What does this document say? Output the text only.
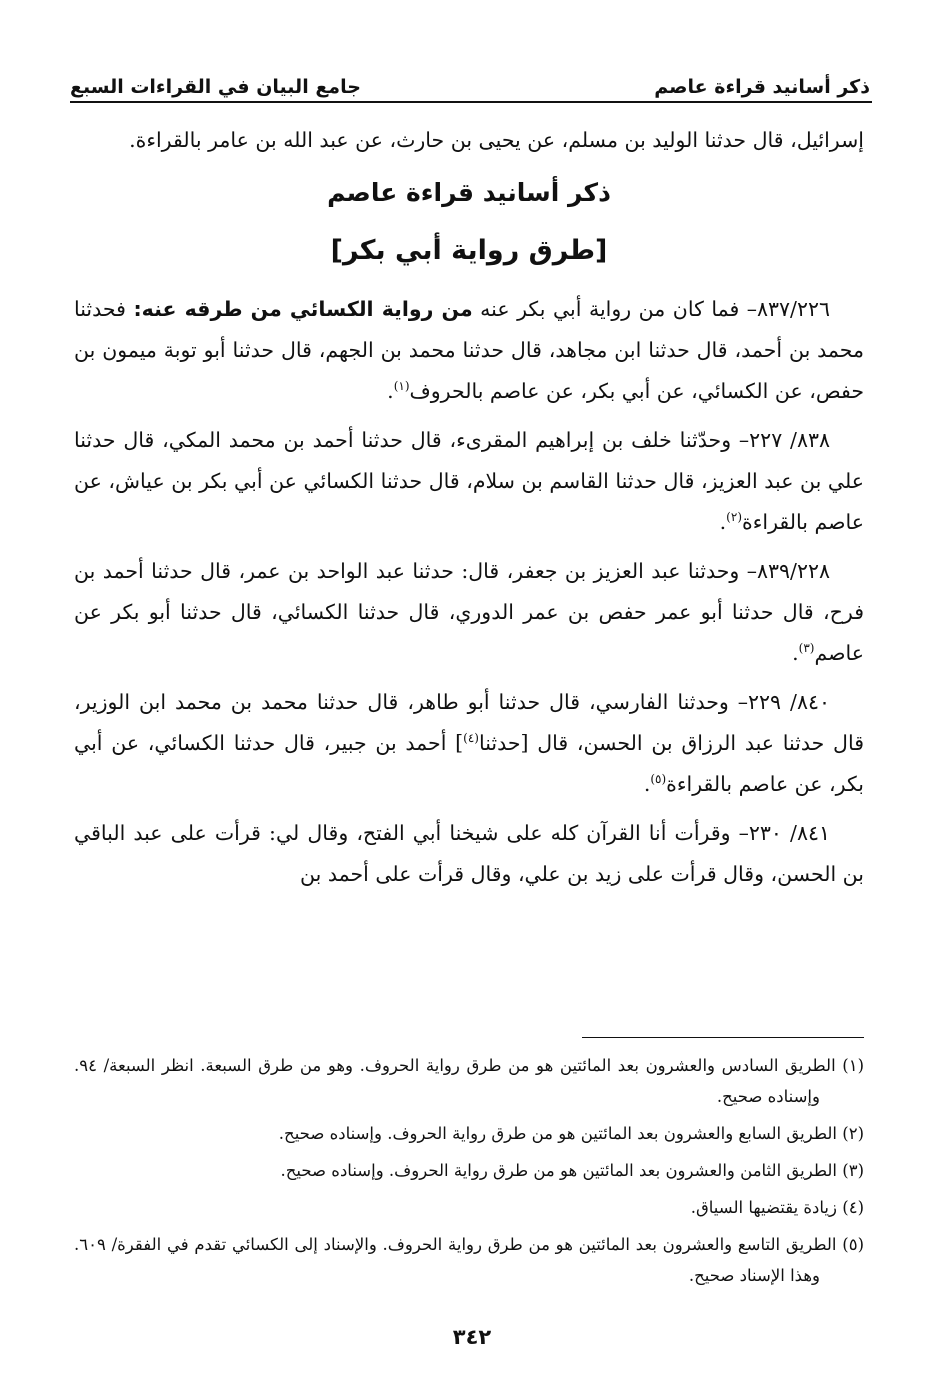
ذكر أسانيد قراءة عاصم
جامع البيان في القراءات السبع

إسرائيل، قال حدثنا الوليد بن مسلم، عن يحيى بن حارث، عن عبد الله بن عامر بالقراءة.

ذكر أسانيد قراءة عاصم
[طرق رواية أبي بكر]

٨٣٧/٢٢٦– فما كان من رواية أبي بكر عنه من رواية الكسائي من طرقه عنه: فحدثنا محمد بن أحمد، قال حدثنا ابن مجاهد، قال حدثنا محمد بن الجهم، قال حدثنا أبو توبة ميمون بن حفص، عن الكسائي، عن أبي بكر، عن عاصم بالحروف$^{(١)}$.

٨٣٨/ ٢٢٧– وحدّثنا خلف بن إبراهيم المقرىء، قال حدثنا أحمد بن محمد المكي، قال حدثنا علي بن عبد العزيز، قال حدثنا القاسم بن سلام، قال حدثنا الكسائي عن أبي بكر بن عياش، عن عاصم بالقراءة$^{(٢)}$.

٨٣٩/٢٢٨– وحدثنا عبد العزيز بن جعفر، قال: حدثنا عبد الواحد بن عمر، قال حدثنا أحمد بن فرح، قال حدثنا أبو عمر حفص بن عمر الدوري، قال حدثنا الكسائي، قال حدثنا أبو بكر عن عاصم$^{(٣)}$.

٨٤٠/ ٢٢٩– وحدثنا الفارسي، قال حدثنا أبو طاهر، قال حدثنا محمد بن محمد ابن الوزير، قال حدثنا عبد الرزاق بن الحسن، قال [حدثنا$^{(٤)}$] أحمد بن جبير، قال حدثنا الكسائي، عن أبي بكر، عن عاصم بالقراءة$^{(٥)}$.

٨٤١/ ٢٣٠– وقرأت أنا القرآن كله على شيخنا أبي الفتح، وقال لي: قرأت على عبد الباقي بن الحسن، وقال قرأت على زيد بن علي، وقال قرأت على أحمد بن

(١) الطريق السادس والعشرون بعد المائتين هو من طرق رواية الحروف. وهو من طرق السبعة. انظر السبعة/ ٩٤. وإسناده صحيح.

(٢) الطريق السابع والعشرون بعد المائتين هو من طرق رواية الحروف. وإسناده صحيح.

(٣) الطريق الثامن والعشرون بعد المائتين هو من طرق رواية الحروف. وإسناده صحيح.

(٤) زيادة يقتضيها السياق.

(٥) الطريق التاسع والعشرون بعد المائتين هو من طرق رواية الحروف. والإسناد إلى الكسائي تقدم في الفقرة/ ٦٠٩. وهذا الإسناد صحيح.

٣٤٢
